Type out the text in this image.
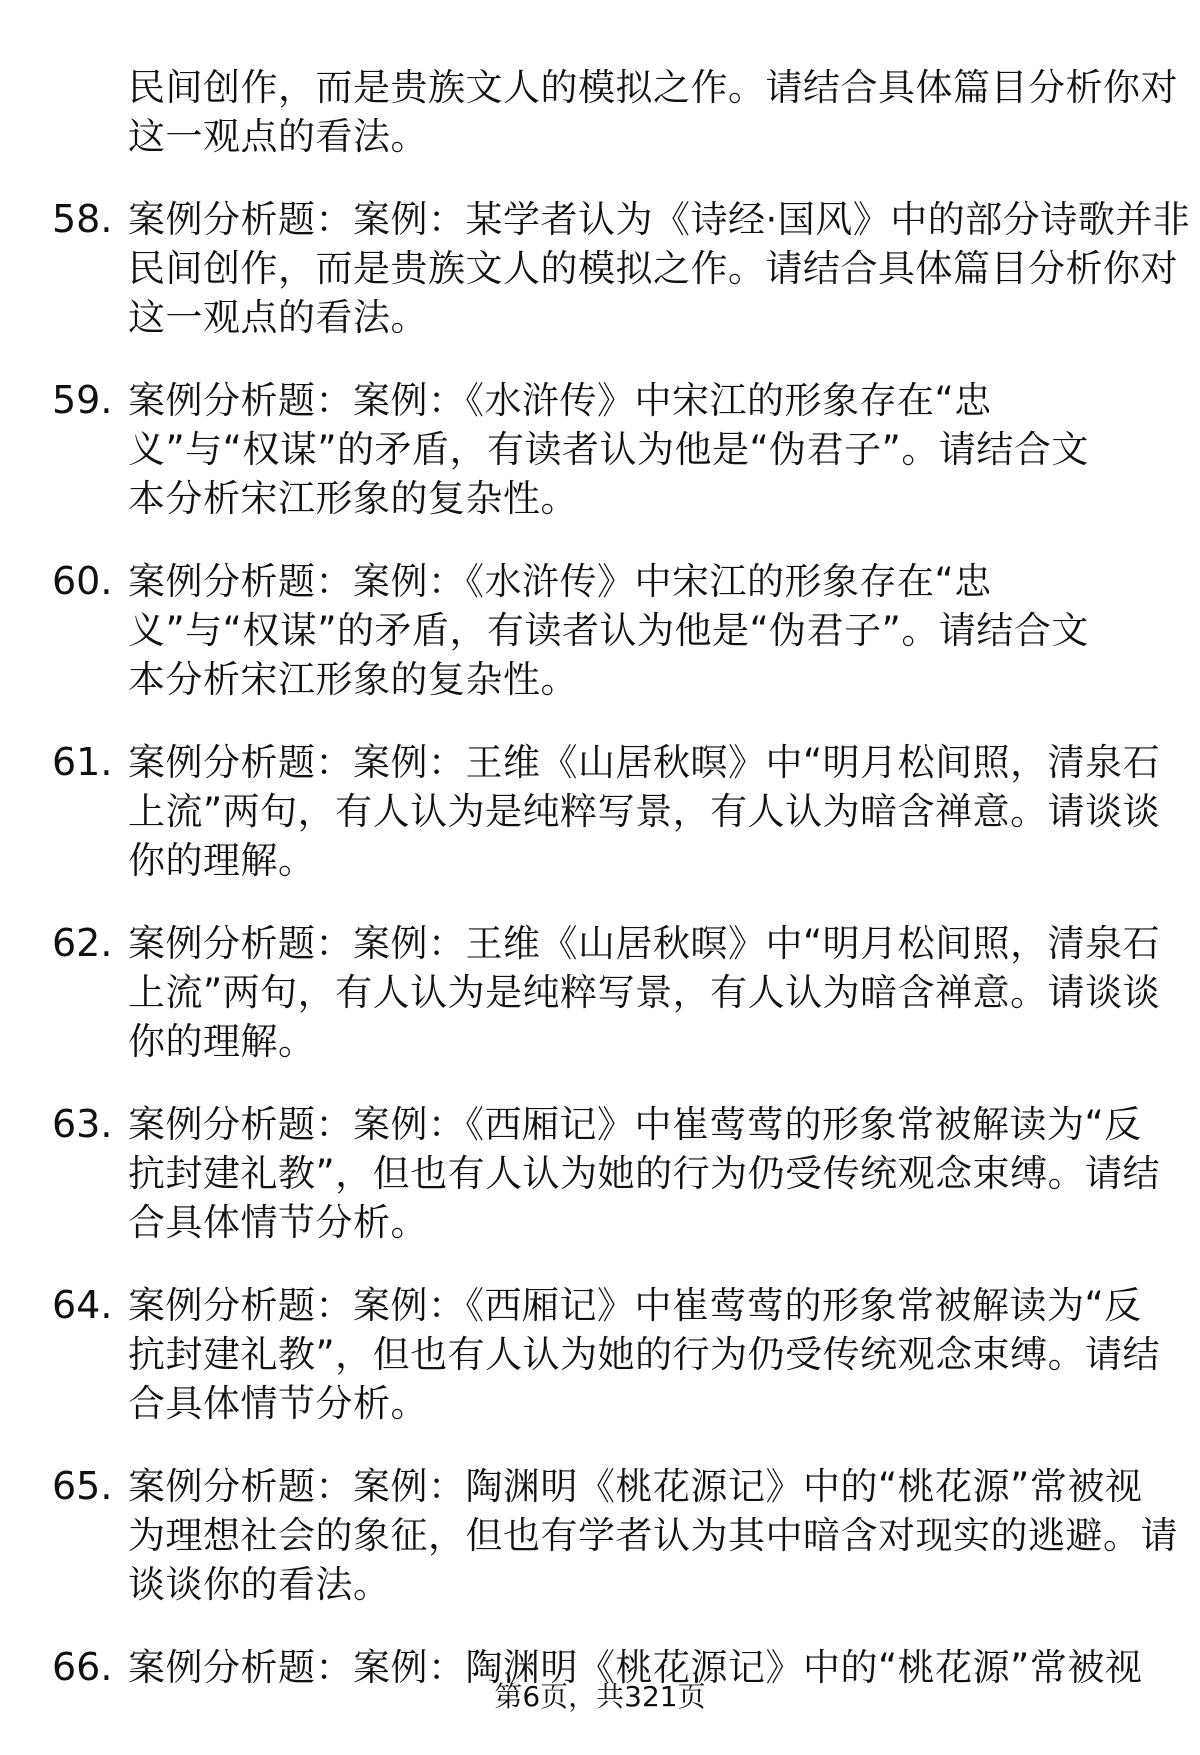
民间创作，而是贵族文人的模拟之作。请结合具体篇目分析你对
这一观点的看法。
58. 案例分析题：案例：某学者认为《诗经·国风》中的部分诗歌并非
民间创作，而是贵族文人的模拟之作。请结合具体篇目分析你对
这一观点的看法。
59. 案例分析题：案例：《水浒传》中宋江的形象存在“忠
义”与“权谋”的矛盾，有读者认为他是“伪君子”。请结合文
本分析宋江形象的复杂性。
60. 案例分析题：案例：《水浒传》中宋江的形象存在“忠
义”与“权谋”的矛盾，有读者认为他是“伪君子”。请结合文
本分析宋江形象的复杂性。
61. 案例分析题：案例：王维《山居秋暝》中“明月松间照，清泉石
上流”两句，有人认为是纯粹写景，有人认为暗含禅意。请谈谈
你的理解。
62. 案例分析题：案例：王维《山居秋暝》中“明月松间照，清泉石
上流”两句，有人认为是纯粹写景，有人认为暗含禅意。请谈谈
你的理解。
63. 案例分析题：案例：《西厢记》中崔莺莺的形象常被解读为“反
抗封建礼教”，但也有人认为她的行为仍受传统观念束缚。请结
合具体情节分析。
64. 案例分析题：案例：《西厢记》中崔莺莺的形象常被解读为“反
抗封建礼教”，但也有人认为她的行为仍受传统观念束缚。请结
合具体情节分析。
65. 案例分析题：案例：陶渊明《桃花源记》中的“桃花源”常被视
为理想社会的象征，但也有学者认为其中暗含对现实的逃避。请
谈谈你的看法。
66. 案例分析题：案例：陶渊明《桃花源记》中的“桃花源”常被视
第6页，共321页
